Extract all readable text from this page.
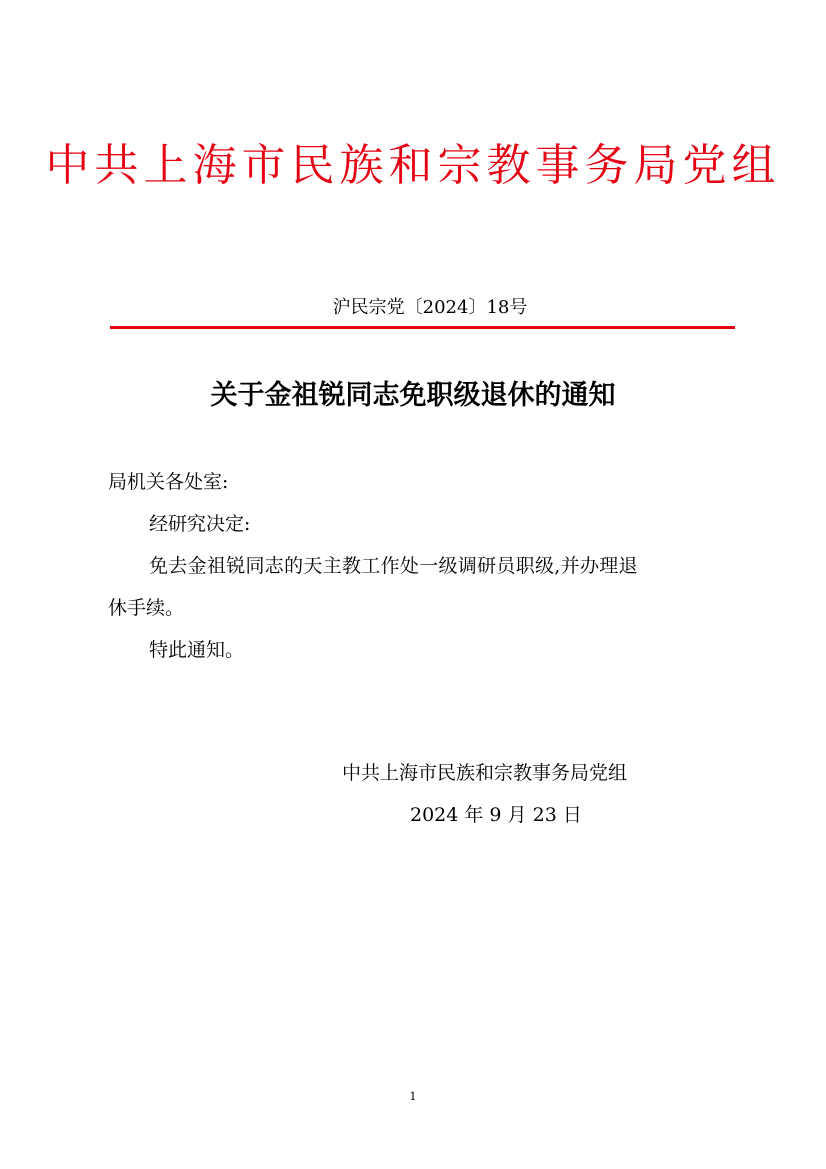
中共上海市民族和宗教事务局党组
沪民宗党〔2024〕18号
关于金祖锐同志免职级退休的通知
局机关各处室:
经研究决定:
免去金祖锐同志的天主教工作处一级调研员职级,并办理退
休手续。
特此通知。
中共上海市民族和宗教事务局党组
2024 年 9 月 23 日
1
